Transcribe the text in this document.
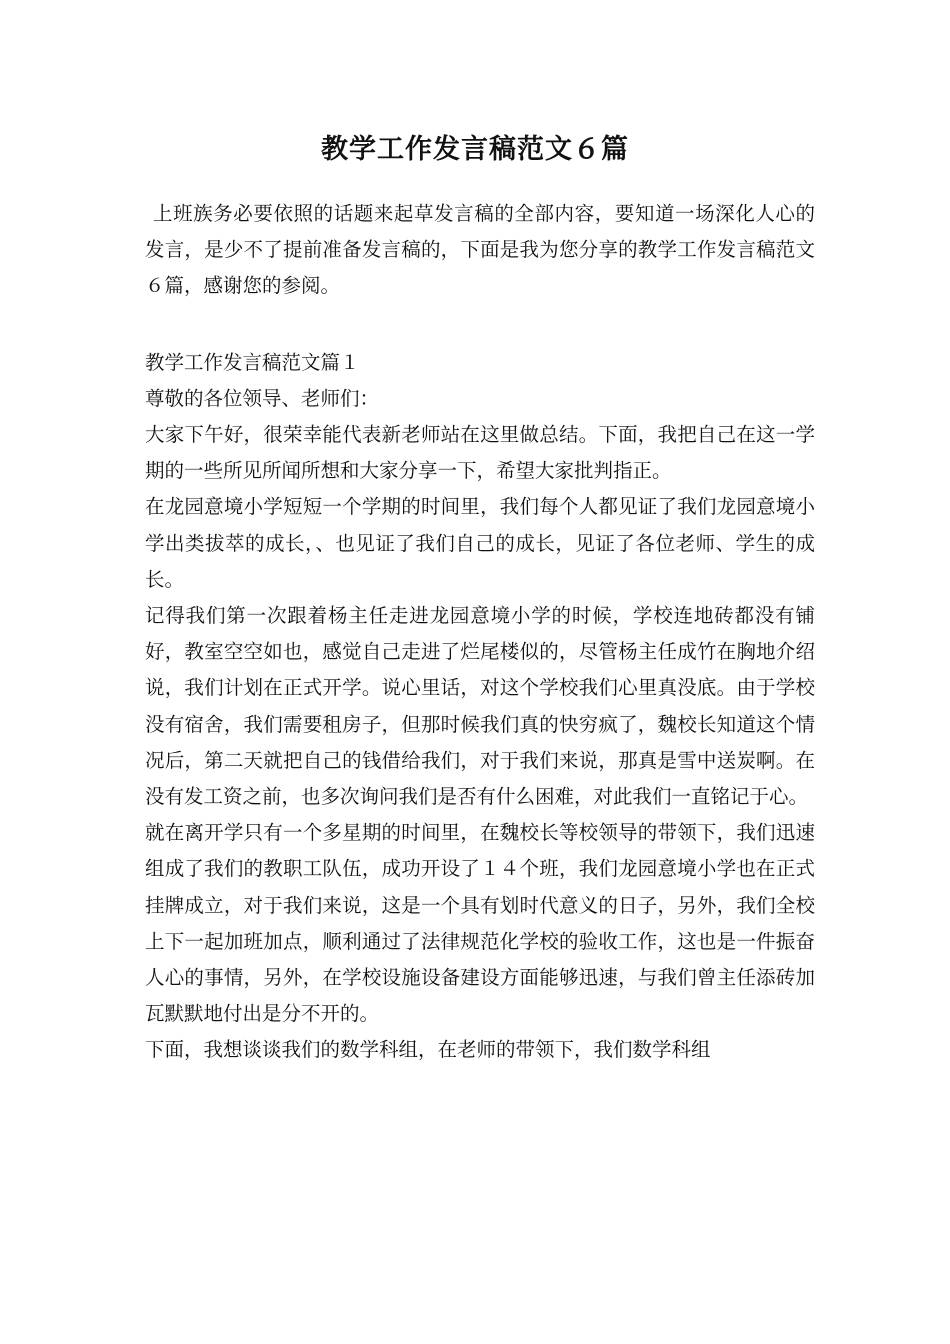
教学工作发言稿范文６篇

上班族务必要依照的话题来起草发言稿的全部内容，要知道一场深化人心的发言，是少不了提前准备发言稿的，下面是我为您分享的教学工作发言稿范文６篇，感谢您的参阅。

教学工作发言稿范文篇１

尊敬的各位领导、老师们：

大家下午好，很荣幸能代表新老师站在这里做总结。下面，我把自己在这一学期的一些所见所闻所想和大家分享一下，希望大家批判指正。

在龙园意境小学短短一个学期的时间里，我们每个人都见证了我们龙园意境小学出类拔萃的成长，、也见证了我们自己的成长，见证了各位老师、学生的成长。

记得我们第一次跟着杨主任走进龙园意境小学的时候，学校连地砖都没有铺好，教室空空如也，感觉自己走进了烂尾楼似的，尽管杨主任成竹在胸地介绍说，我们计划在正式开学。说心里话，对这个学校我们心里真没底。由于学校没有宿舍，我们需要租房子，但那时候我们真的快穷疯了，魏校长知道这个情况后，第二天就把自己的钱借给我们，对于我们来说，那真是雪中送炭啊。在没有发工资之前，也多次询问我们是否有什么困难，对此我们一直铭记于心。

就在离开学只有一个多星期的时间里，在魏校长等校领导的带领下，我们迅速组成了我们的教职工队伍，成功开设了１４个班，我们龙园意境小学也在正式挂牌成立，对于我们来说，这是一个具有划时代意义的日子，另外，我们全校上下一起加班加点，顺利通过了法律规范化学校的验收工作，这也是一件振奋人心的事情，另外，在学校设施设备建设方面能够迅速，与我们曾主任添砖加瓦默默地付出是分不开的。

下面，我想谈谈我们的数学科组，在老师的带领下，我们数学科组
